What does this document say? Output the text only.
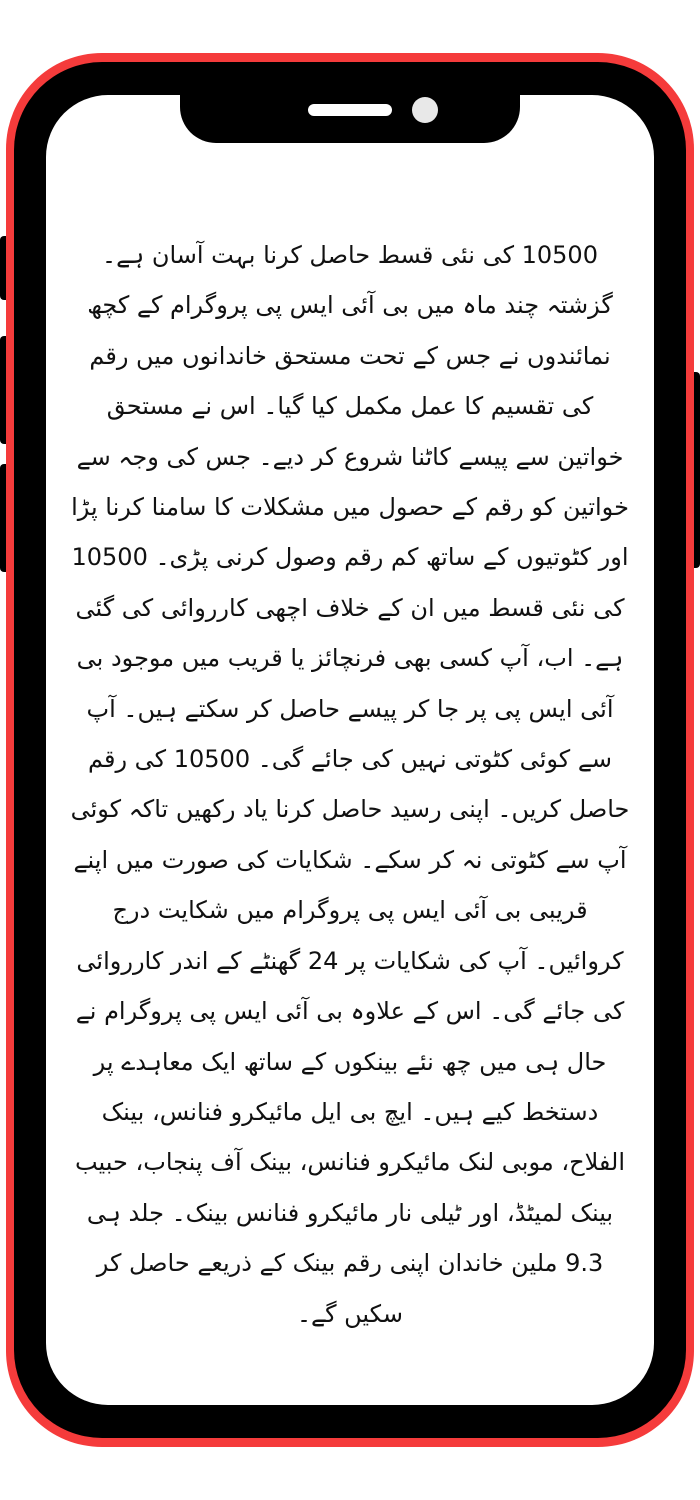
10500 کی نئی قسط حاصل کرنا بہت آسان ہے۔ گزشتہ چند ماہ میں بی آئی ایس پی پروگرام کے کچھ نمائندوں نے جس کے تحت مستحق خاندانوں میں رقم کی تقسیم کا عمل مکمل کیا گیا۔ اس نے مستحق خواتین سے پیسے کاٹنا شروع کر دیے۔ جس کی وجہ سے خواتین کو رقم کے حصول میں مشکلات کا سامنا کرنا پڑا اور کٹوتیوں کے ساتھ کم رقم وصول کرنی پڑی۔ 10500 کی نئی قسط میں ان کے خلاف اچھی کارروائی کی گئی ہے۔ اب، آپ کسی بھی فرنچائز یا قریب میں موجود بی آئی ایس پی پر جا کر پیسے حاصل کر سکتے ہیں۔ آپ سے کوئی کٹوتی نہیں کی جائے گی۔ 10500 کی رقم حاصل کریں۔ اپنی رسید حاصل کرنا یاد رکھیں تاکہ کوئی آپ سے کٹوتی نہ کر سکے۔ شکایات کی صورت میں اپنے قریبی بی آئی ایس پی پروگرام میں شکایت درج کروائیں۔ آپ کی شکایات پر 24 گھنٹے کے اندر کارروائی کی جائے گی۔ اس کے علاوہ بی آئی ایس پی پروگرام نے حال ہی میں چھ نئے بینکوں کے ساتھ ایک معاہدے پر دستخط کیے ہیں۔ ایچ بی ایل مائیکرو فنانس، بینک الفلاح، موبی لنک مائیکرو فنانس، بینک آف پنجاب، حبیب بینک لمیٹڈ، اور ٹیلی نار مائیکرو فنانس بینک۔ جلد ہی 9.3 ملین خاندان اپنی رقم بینک کے ذریعے حاصل کر سکیں گے۔
